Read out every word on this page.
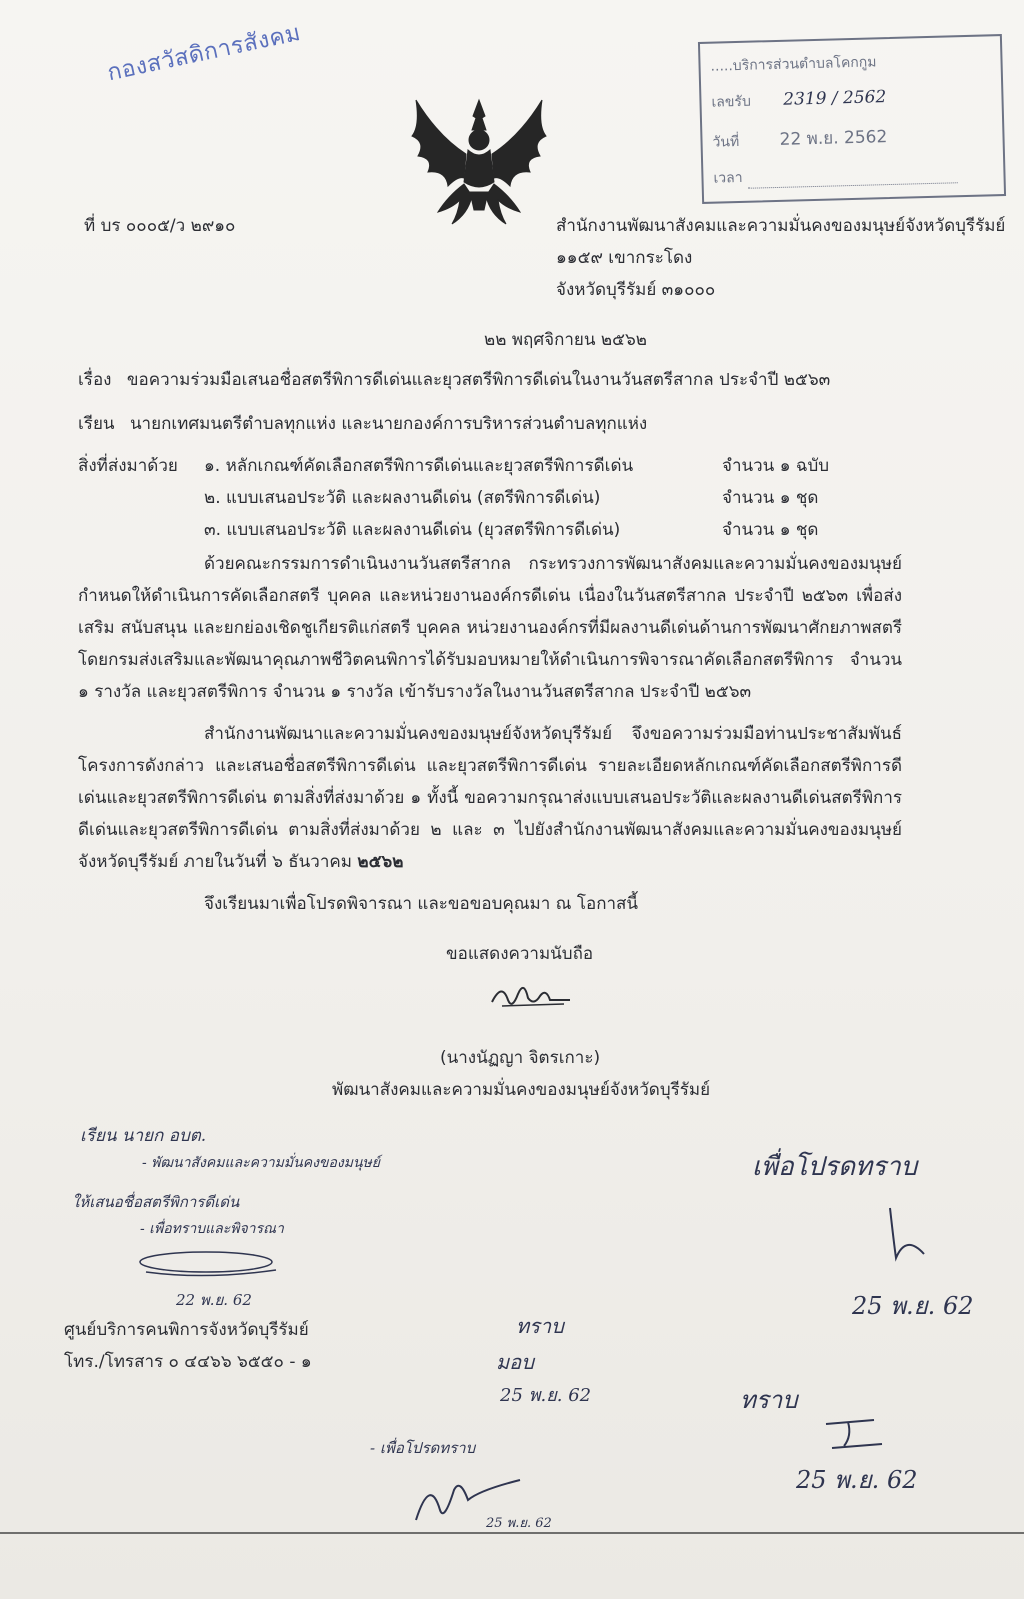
กองสวัสดิการสังคม	.....บริการส่วนตำบลโคกกูม
เลขรับ 2319 / 2562
วันที่ 22 พ.ย. 2562
เวลา
ที่ บร ๐๐๐๕/ว ๒๙๑๐	สำนักงานพัฒนาสังคมและความมั่นคงของมนุษย์จังหวัดบุรีรัมย์
๑๑๕๙ เขากระโดง
จังหวัดบุรีรัมย์ ๓๑๐๐๐
๒๒ พฤศจิกายน ๒๕๖๒
เรื่อง ขอความร่วมมือเสนอชื่อสตรีพิการดีเด่นและยุวสตรีพิการดีเด่นในงานวันสตรีสากล ประจำปี ๒๕๖๓
เรียน นายกเทศมนตรีตำบลทุกแห่ง และนายกองค์การบริหารส่วนตำบลทุกแห่ง
สิ่งที่ส่งมาด้วย ๑. หลักเกณฑ์คัดเลือกสตรีพิการดีเด่นและยุวสตรีพิการดีเด่น	จำนวน ๑ ฉบับ
๒. แบบเสนอประวัติ และผลงานดีเด่น (สตรีพิการดีเด่น)	จำนวน ๑ ชุด
๓. แบบเสนอประวัติ และผลงานดีเด่น (ยุวสตรีพิการดีเด่น)	จำนวน ๑ ชุด
ด้วยคณะกรรมการดำเนินงานวันสตรีสากล กระทรวงการพัฒนาสังคมและความมั่นคงของมนุษย์ กำหนดให้ดำเนินการคัดเลือกสตรี บุคคล และหน่วยงานองค์กรดีเด่น เนื่องในวันสตรีสากล ประจำปี ๒๕๖๓ เพื่อส่งเสริม สนับสนุน และยกย่องเชิดชูเกียรติแก่สตรี บุคคล หน่วยงานองค์กรที่มีผลงานดีเด่นด้านการพัฒนาศักยภาพสตรี โดยกรมส่งเสริมและพัฒนาคุณภาพชีวิตคนพิการได้รับมอบหมายให้ดำเนินการพิจารณาคัดเลือกสตรีพิการ จำนวน ๑ รางวัล และยุวสตรีพิการ จำนวน ๑ รางวัล เข้ารับรางวัลในงานวันสตรีสากล ประจำปี ๒๕๖๓
สำนักงานพัฒนาและความมั่นคงของมนุษย์จังหวัดบุรีรัมย์ จึงขอความร่วมมือท่านประชาสัมพันธ์โครงการดังกล่าว และเสนอชื่อสตรีพิการดีเด่น และยุวสตรีพิการดีเด่น รายละเอียดหลักเกณฑ์คัดเลือกสตรีพิการดีเด่นและยุวสตรีพิการดีเด่น ตามสิ่งที่ส่งมาด้วย ๑ ทั้งนี้ ขอความกรุณาส่งแบบเสนอประวัติและผลงานดีเด่นสตรีพิการดีเด่นและยุวสตรีพิการดีเด่น ตามสิ่งที่ส่งมาด้วย ๒ และ ๓ ไปยังสำนักงานพัฒนาสังคมและความมั่นคงของมนุษย์จังหวัดบุรีรัมย์ ภายในวันที่ ๖ ธันวาคม ๒๕๖๒
จึงเรียนมาเพื่อโปรดพิจารณา และขอขอบคุณมา ณ โอกาสนี้
ขอแสดงความนับถือ
(นางนัฏญา จิตรเกาะ)
พัฒนาสังคมและความมั่นคงของมนุษย์จังหวัดบุรีรัมย์
เรียน นายก อบต.
- พัฒนาสังคมและความมั่นคงของมนุษย์
ให้เสนอชื่อสตรีพิการดีเด่น
- เพื่อทราบและพิจารณา
22 พ.ย. 62
ศูนย์บริการคนพิการจังหวัดบุรีรัมย์
โทร./โทรสาร ๐ ๔๔๖๖ ๖๕๕๐ - ๑
เพื่อโปรดทราบ
25 พ.ย. 62
ทราบ
มอบ
25 พ.ย. 62	ทราบ
25 พ.ย. 62
- เพื่อโปรดทราบ
25 พ.ย. 62
